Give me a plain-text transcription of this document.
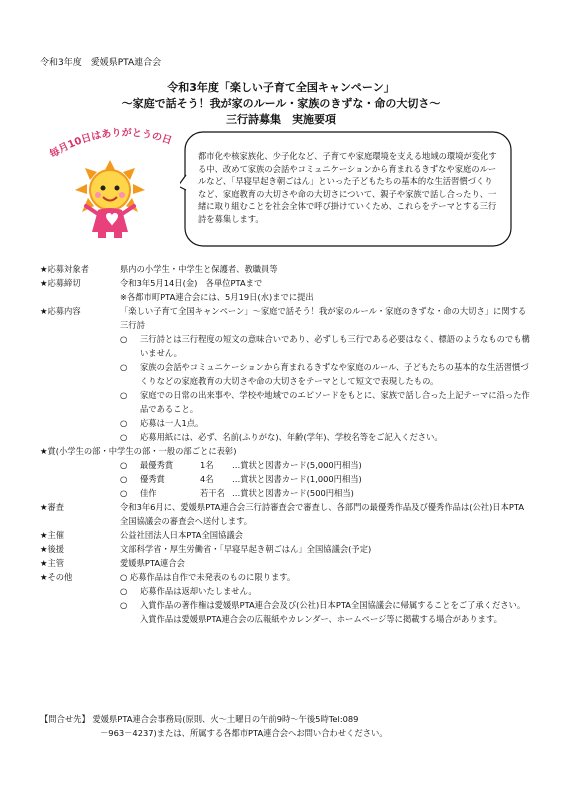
令和3年度　愛媛県PTA連合会
令和3年度「楽しい子育て全国キャンペーン」
～家庭で話そう！我が家のルール・家族のきずな・命の大切さ～
三行詩募集　実施要項
毎月10日はありがとうの日
都市化や核家族化、少子化など、子育てや家庭環境を支える地域の環境が変化する中、改めて家族の会話やコミュニケーションから育まれるきずなや家庭のルールなど、「早寝早起き朝ごはん」といった子どもたちの基本的な生活習慣づくりなど、家庭教育の大切さや命の大切さについて、親子や家族で話し合ったり、一緒に取り組むことを社会全体で呼び掛けていくため、これらをテーマとする三行詩を募集します。
★応募対象者	県内の小学生・中学生と保護者、教職員等
★応募締切	令和3年5月14日(金)　各単位PTAまで
※各都市町PTA連合会には、5月19日(水)までに提出
★応募内容	「楽しい子育て全国キャンペーン」～家庭で話そう！我が家のルール・家庭のきずな・命の大切さ」に関する三行詩
○	三行詩とは三行程度の短文の意味合いであり、必ずしも三行である必要はなく、標語のようなものでも構いません。
○	家族の会話やコミュニケーションから育まれるきずなや家庭のルール、子どもたちの基本的な生活習慣づくりなどの家庭教育の大切さや命の大切さをテーマとして短文で表現したもの。
○	家庭での日常の出来事や、学校や地域でのエピソードをもとに、家族で話し合った上記テーマに沿った作品であること。
○	応募は一人1点。
○	応募用紙には、必ず、名前(ふりがな)、年齢(学年)、学校名等をご記入ください。
★賞(小学生の部・中学生の部・一般の部ごとに表彰)
○	最優秀賞	1名	…賞状と図書カード(5,000円相当)
○	優秀賞	4名	…賞状と図書カード(1,000円相当)
○	佳作	若干名 …賞状と図書カード(500円相当)
★審査	令和3年6月に、愛媛県PTA連合会三行詩審査会で審査し、各部門の最優秀作品及び優秀作品は(公社)日本PTA全国協議会の審査会へ送付します。
★主催	公益社団法人日本PTA全国協議会
★後援	文部科学省・厚生労働省・「早寝早起き朝ごはん」全国協議会(予定)
★主管	愛媛県PTA連合会
★その他	○ 応募作品は自作で未発表のものに限ります。
○	応募作品は返却いたしません。
○	入賞作品の著作権は愛媛県PTA連合会及び(公社)日本PTA全国協議会に帰属することをご了承ください。入賞作品は愛媛県PTA連合会の広報紙やカレンダー、ホームページ等に掲載する場合があります。
【問合せ先】 愛媛県PTA連合会事務局(原則、火～土曜日の午前9時～午後5時Tel:089
－963－4237)または、所属する各都市PTA連合会へお問い合わせください。
